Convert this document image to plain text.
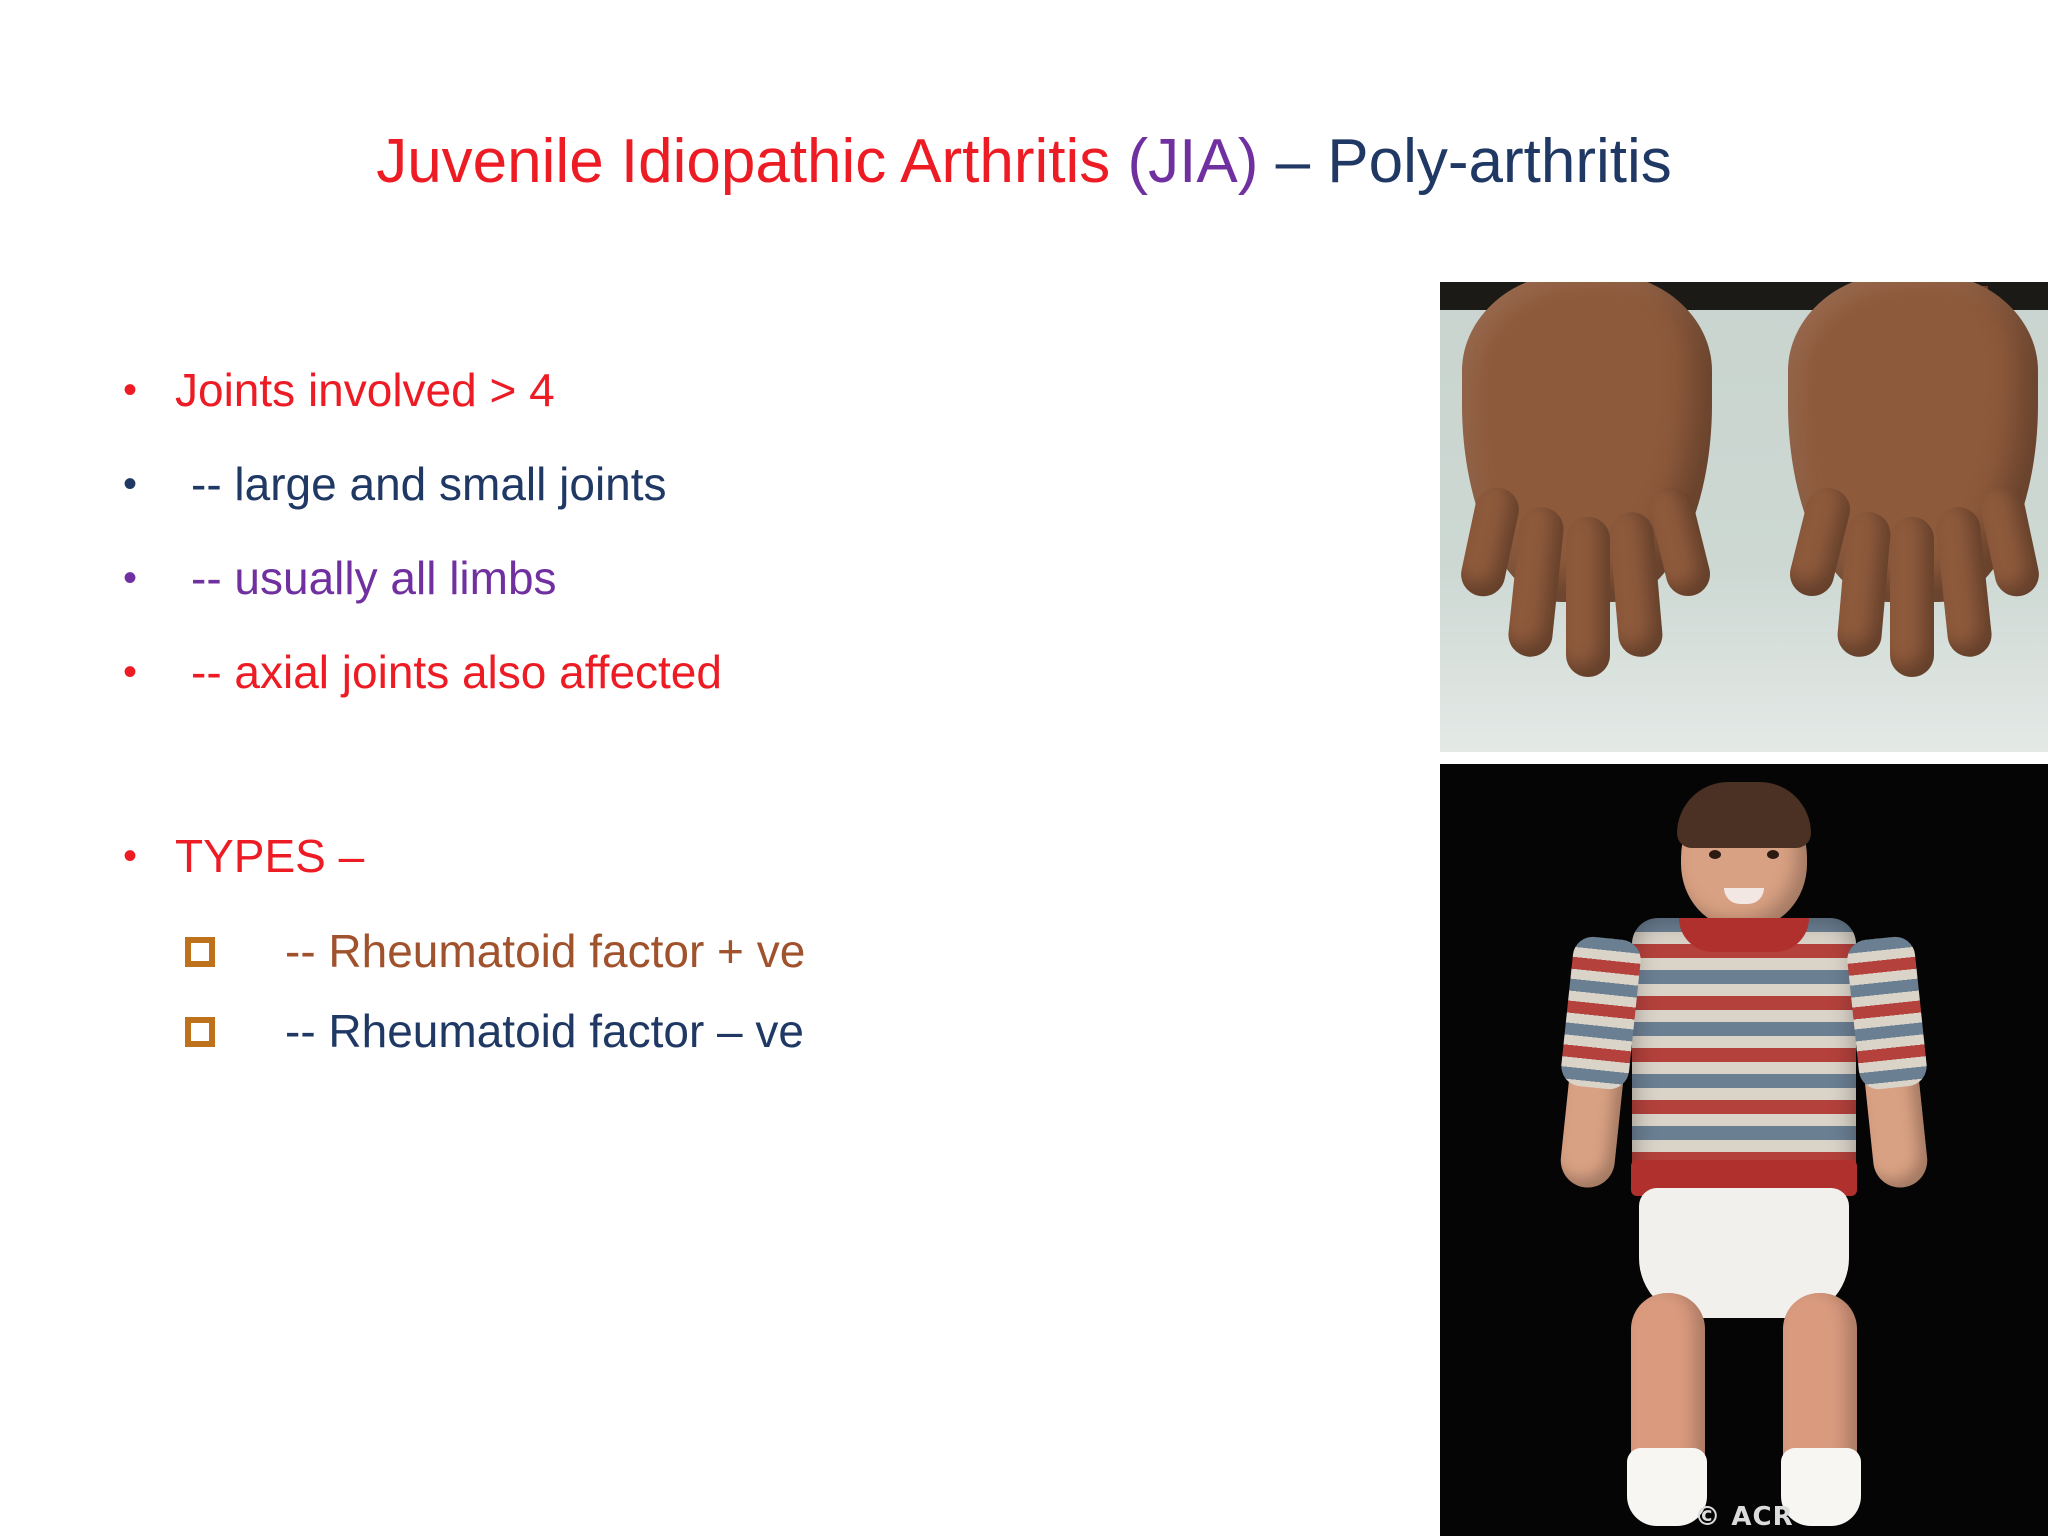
Juvenile Idiopathic Arthritis (JIA) – Poly-arthritis
• Joints involved > 4
•	-- large and small joints
•	-- usually all limbs
•	-- axial joints also affected
• TYPES –
-- Rheumatoid factor + ve
-- Rheumatoid factor – ve
© ACR
